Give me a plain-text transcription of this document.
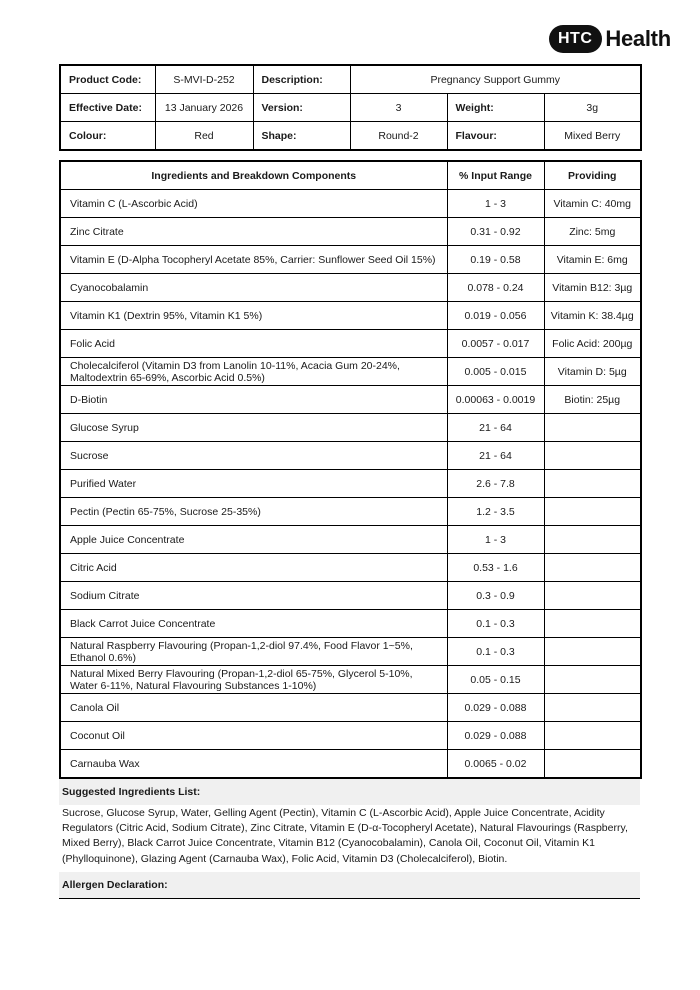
HTC Health
Product Code:	S-MVI-D-252	Description:	Pregnancy Support Gummy		
Effective Date:	13 January 2026	Version:	3	Weight:	3g
Colour:	Red	Shape:	Round-2	Flavour:	Mixed Berry
Ingredients and Breakdown Components	% Input Range	Providing
Vitamin C (L-Ascorbic Acid)	1 - 3	Vitamin C: 40mg
Zinc Citrate	0.31 - 0.92	Zinc: 5mg
Vitamin E (D-Alpha Tocopheryl Acetate 85%, Carrier: Sunflower Seed Oil 15%)	0.19 - 0.58	Vitamin E: 6mg
Cyanocobalamin	0.078 - 0.24	Vitamin B12: 3µg
Vitamin K1 (Dextrin 95%, Vitamin K1 5%)	0.019 - 0.056	Vitamin K: 38.4µg
Folic Acid	0.0057 - 0.017	Folic Acid: 200µg
Cholecalciferol (Vitamin D3 from Lanolin 10-11%, Acacia Gum 20-24%, Maltodextrin 65-69%, Ascorbic Acid 0.5%)	0.005 - 0.015	Vitamin D: 5µg
D-Biotin	0.00063 - 0.0019	Biotin: 25µg
Glucose Syrup	21 - 64	
Sucrose	21 - 64	
Purified Water	2.6 - 7.8	
Pectin (Pectin 65-75%, Sucrose 25-35%)	1.2 - 3.5	
Apple Juice Concentrate	1 - 3	
Citric Acid	0.53 - 1.6	
Sodium Citrate	0.3 - 0.9	
Black Carrot Juice Concentrate	0.1 - 0.3	
Natural Raspberry Flavouring (Propan-1,2-diol 97.4%, Food Flavor 1~5%, Ethanol 0.6%)	0.1 - 0.3	
Natural Mixed Berry Flavouring (Propan-1,2-diol 65-75%, Glycerol 5-10%, Water 6-11%, Natural Flavouring Substances 1-10%)	0.05 - 0.15	
Canola Oil	0.029 - 0.088	
Coconut Oil	0.029 - 0.088	
Carnauba Wax	0.0065 - 0.02	
Suggested Ingredients List:
Sucrose, Glucose Syrup, Water, Gelling Agent (Pectin), Vitamin C (L-Ascorbic Acid), Apple Juice Concentrate, Acidity Regulators (Citric Acid, Sodium Citrate), Zinc Citrate, Vitamin E (D-α-Tocopheryl Acetate), Natural Flavourings (Raspberry, Mixed Berry), Black Carrot Juice Concentrate, Vitamin B12 (Cyanocobalamin), Canola Oil, Coconut Oil, Vitamin K1 (Phylloquinone), Glazing Agent (Carnauba Wax), Folic Acid, Vitamin D3 (Cholecalciferol), Biotin.
Allergen Declaration:
